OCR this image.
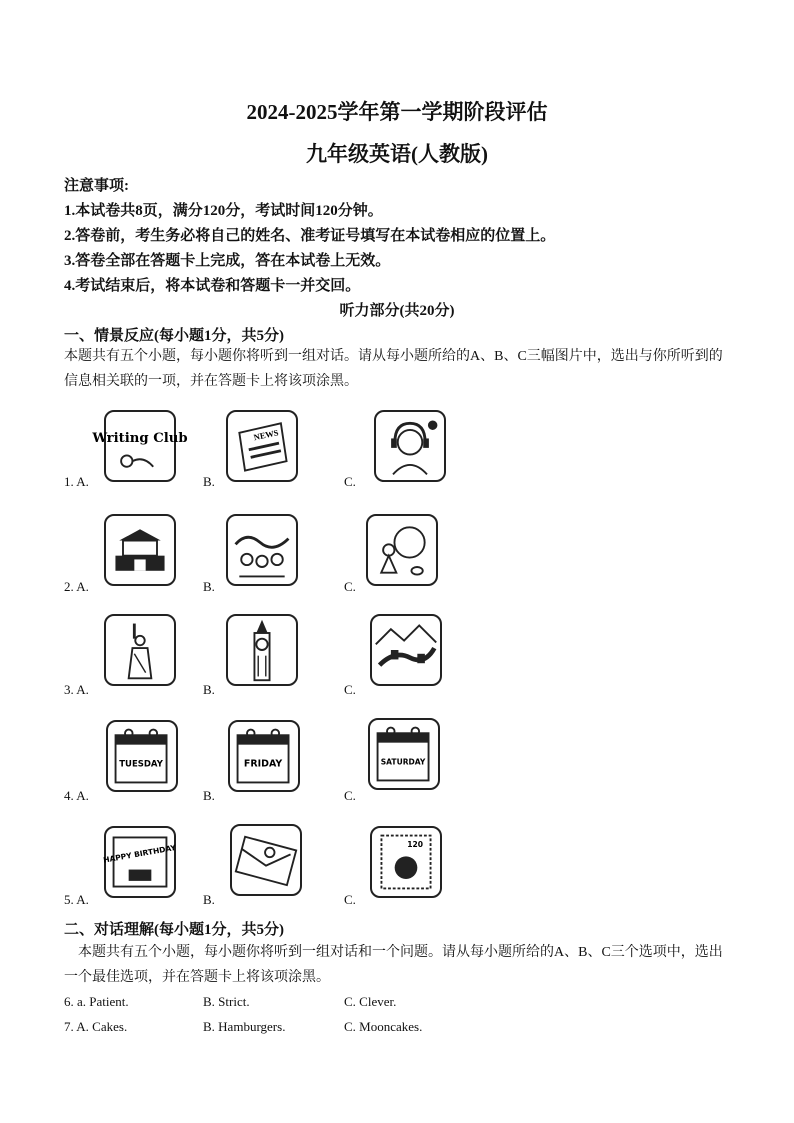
2024-2025学年第一学期阶段评估
九年级英语(人教版)
注意事项:
1.本试卷共8页，满分120分，考试时间120分钟。
2.答卷前，考生务必将自己的姓名、准考证号填写在本试卷相应的位置上。
3.答卷全部在答题卡上完成，答在本试卷上无效。
4.考试结束后，将本试卷和答题卡一并交回。
听力部分(共20分)
一、情景反应(每小题1分，共5分)
本题共有五个小题，每小题你将听到一组对话。请从每小题所给的A、B、C三幅图片中，选出与你所听到的信息相关联的一项，并在答题卡上将该项涂黑。
Writing Club	NEWS
1. A.	B.	C.
2. A.	B.	C.
3. A.	B.	C.
TUESDAY	FRIDAY	SATURDAY
4. A.	B.	C.
HAPPY BIRTHDAY	120
5. A.	B.	C.
二、对话理解(每小题1分，共5分)
本题共有五个小题，每小题你将听到一组对话和一个问题。请从每小题所给的A、B、C三个选项中，选出一个最佳选项，并在答题卡上将该项涂黑。
6. a. Patient.	B. Strict.	C. Clever.
7. A. Cakes.	B. Hamburgers.	C. Mooncakes.
